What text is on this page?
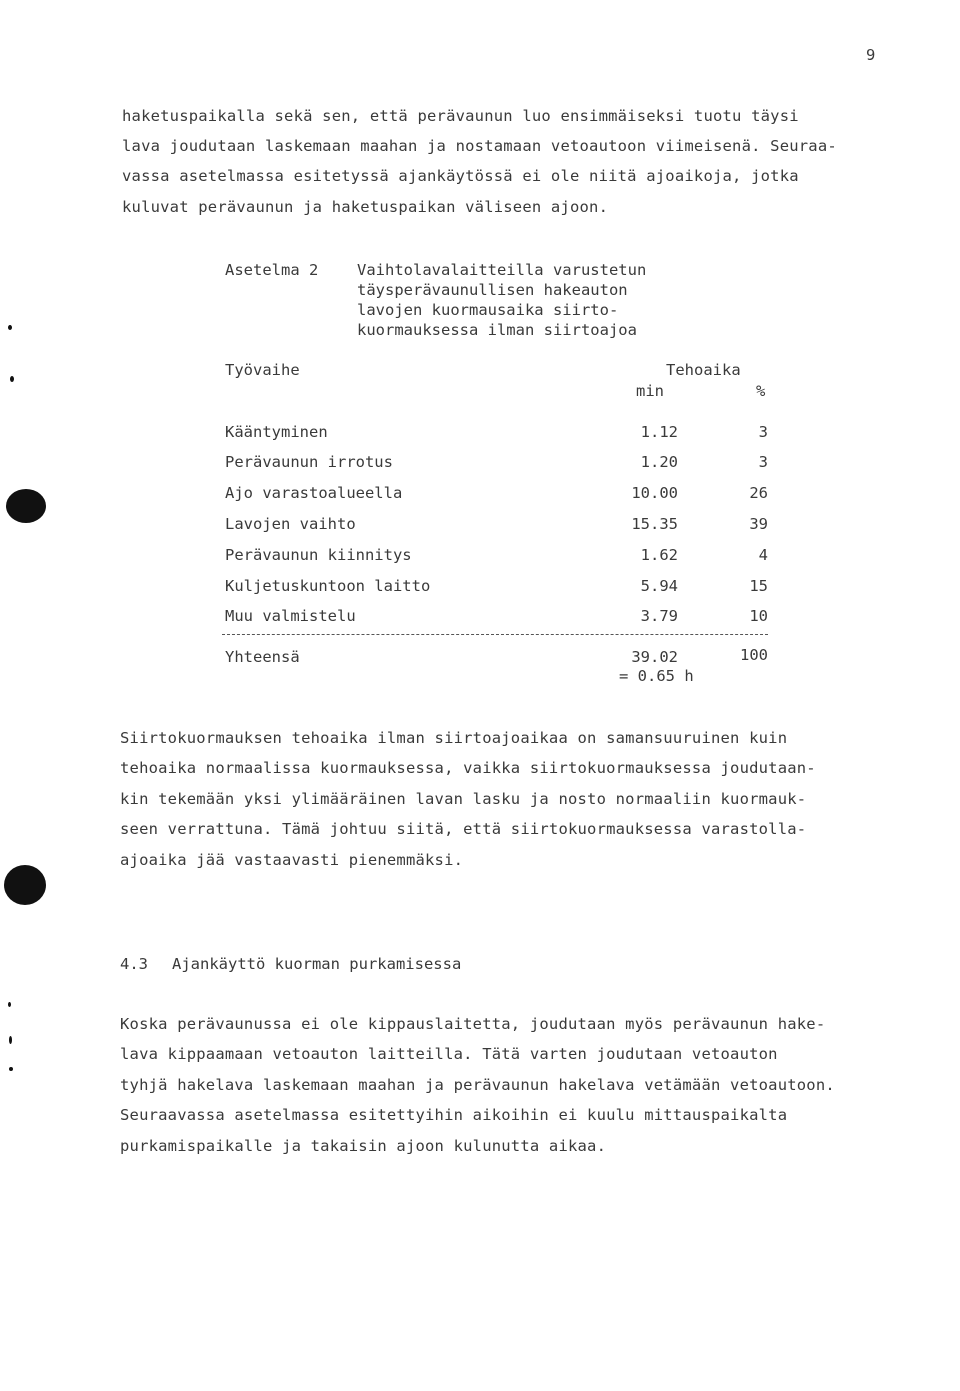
9
haketuspaikalla sekä sen, että perävaunun luo ensimmäiseksi tuotu täysi
lava joudutaan laskemaan maahan ja nostamaan vetoautoon viimeisenä. Seuraa-
vassa asetelmassa esitetyssä ajankäytössä ei ole niitä ajoaikoja, jotka
kuluvat perävaunun ja haketuspaikan väliseen ajoon.
Asetelma 2 Vaihtolavalaitteilla varustetun
täysperävaunullisen hakeauton
lavojen kuormausaika siirto-
kuormauksessa ilman siirtoajoa
Työvaihe	Tehoaika
min	%
Kääntyminen	1.12	3
Perävaunun irrotus	1.20	3
Ajo varastoalueella	10.00	26
Lavojen vaihto	15.35	39
Perävaunun kiinnitys	1.62	4
Kuljetuskuntoon laitto	5.94	15
Muu valmistelu	3.79	10
Yhteensä	39.02	100
= 0.65 h
Siirtokuormauksen tehoaika ilman siirtoajoaikaa on samansuuruinen kuin
tehoaika normaalissa kuormauksessa, vaikka siirtokuormauksessa joudutaan-
kin tekemään yksi ylimääräinen lavan lasku ja nosto normaaliin kuormauk-
seen verrattuna. Tämä johtuu siitä, että siirtokuormauksessa varastolla-
ajoaika jää vastaavasti pienemmäksi.
4.3 Ajankäyttö kuorman purkamisessa
Koska perävaunussa ei ole kippauslaitetta, joudutaan myös perävaunun hake-
lava kippaamaan vetoauton laitteilla. Tätä varten joudutaan vetoauton
tyhjä hakelava laskemaan maahan ja perävaunun hakelava vetämään vetoautoon.
Seuraavassa asetelmassa esitettyihin aikoihin ei kuulu mittauspaikalta
purkamispaikalle ja takaisin ajoon kulunutta aikaa.
